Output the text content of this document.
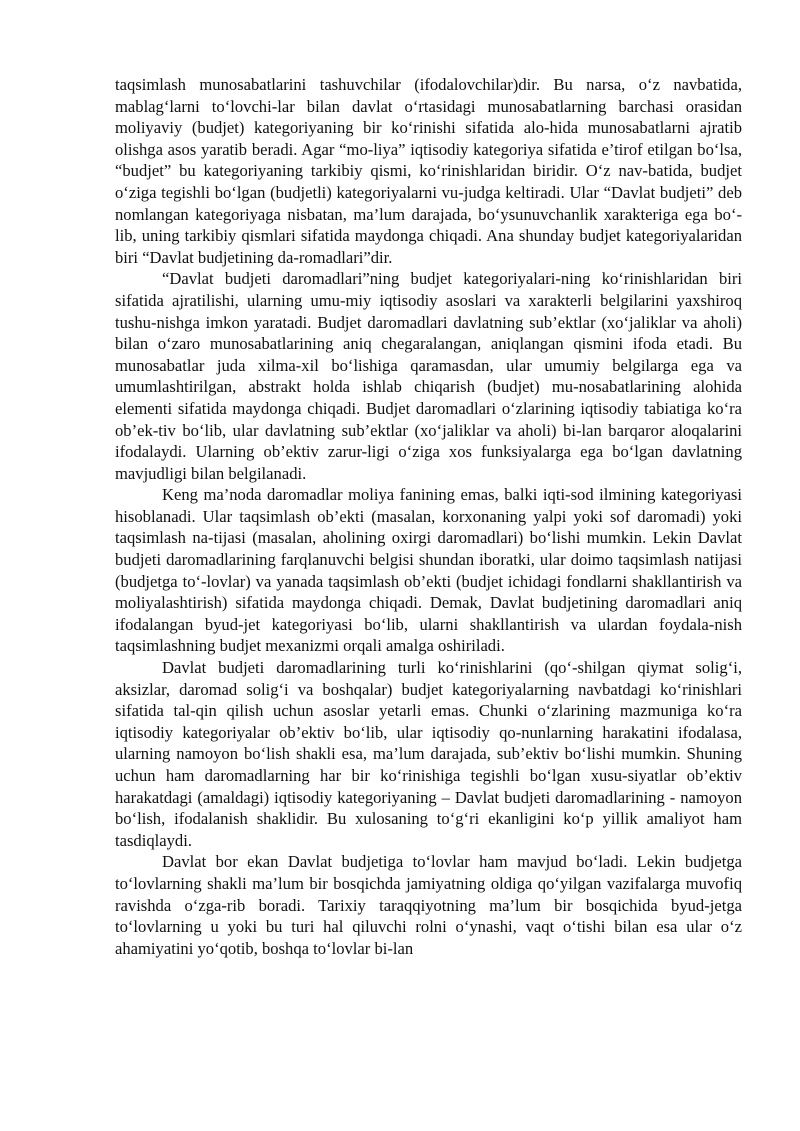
taqsimlash munosabatlarini tashuvchilar (ifodalovchilar)dir. Bu narsa, o‘z navbatida, mablag‘larni to‘lovchi-lar bilan davlat o‘rtasidagi munosabatlarning barchasi orasidan moliyaviy (budjet) kategoriyaning bir ko‘rinishi sifatida alo-hida munosabatlarni ajratib olishga asos yaratib beradi. Agar “mo-liya” iqtisodiy kategoriya sifatida e’tirof etilgan bo‘lsa, “budjet” bu kategoriyaning tarkibiy qismi, ko‘rinishlaridan biridir. O‘z nav-batida, budjet o‘ziga tegishli bo‘lgan (budjetli) kategoriyalarni vu-judga keltiradi. Ular “Davlat budjeti” deb nomlangan kategoriyaga nisbatan, ma’lum darajada, bo‘ysunuvchanlik xarakteriga ega bo‘-lib, uning tarkibiy qismlari sifatida maydonga chiqadi. Ana shunday budjet kategoriyalaridan biri “Davlat budjetining da-romadlari”dir.

“Davlat budjeti daromadlari”ning budjet kategoriyalari-ning ko‘rinishlaridan biri sifatida ajratilishi, ularning umu-miy iqtisodiy asoslari va xarakterli belgilarini yaxshiroq tushu-nishga imkon yaratadi. Budjet daromadlari davlatning sub’ektlar (xo‘jaliklar va aholi) bilan o‘zaro munosabatlarining aniq chegaralangan, aniqlangan qismini ifoda etadi. Bu munosabatlar juda xilma-xil bo‘lishiga qaramasdan, ular umumiy belgilarga ega va umumlashtirilgan, abstrakt holda ishlab chiqarish (budjet) mu-nosabatlarining alohida elementi sifatida maydonga chiqadi. Budjet daromadlari o‘zlarining iqtisodiy tabiatiga ko‘ra ob’ek-tiv bo‘lib, ular davlatning sub’ektlar (xo‘jaliklar va aholi) bi-lan barqaror aloqalarini ifodalaydi. Ularning ob’ektiv zarur-ligi o‘ziga xos funksiyalarga ega bo‘lgan davlatning mavjudligi bilan belgilanadi.

Keng ma’noda daromadlar moliya fanining emas, balki iqti-sod ilmining kategoriyasi hisoblanadi. Ular taqsimlash ob’ekti (masalan, korxonaning yalpi yoki sof daromadi) yoki taqsimlash na-tijasi (masalan, aholining oxirgi daromadlari) bo‘lishi mumkin. Lekin Davlat budjeti daromadlarining farqlanuvchi belgisi shundan iboratki, ular doimo taqsimlash natijasi (budjetga to‘-lovlar) va yanada taqsimlash ob’ekti (budjet ichidagi fondlarni shakllantirish va moliyalashtirish) sifatida maydonga chiqadi. Demak, Davlat budjetining daromadlari aniq ifodalangan byud-jet kategoriyasi bo‘lib, ularni shakllantirish va ulardan foydala-nish taqsimlashning budjet mexanizmi orqali amalga oshiriladi.

Davlat budjeti daromadlarining turli ko‘rinishlarini (qo‘-shilgan qiymat solig‘i, aksizlar, daromad solig‘i va boshqalar) budjet kategoriyalarning navbatdagi ko‘rinishlari sifatida tal-qin qilish uchun asoslar yetarli emas. Chunki o‘zlarining mazmuniga ko‘ra iqtisodiy kategoriyalar ob’ektiv bo‘lib, ular iqtisodiy qo-nunlarning harakatini ifodalasa, ularning namoyon bo‘lish shakli esa, ma’lum darajada, sub’ektiv bo‘lishi mumkin. Shuning uchun ham daromadlarning har bir ko‘rinishiga tegishli bo‘lgan xusu-siyatlar ob’ektiv harakatdagi (amaldagi) iqtisodiy kategoriyaning – Davlat budjeti daromadlarining - namoyon bo‘lish, ifodalanish shaklidir. Bu xulosaning to‘g‘ri ekanligini ko‘p yillik amaliyot ham tasdiqlaydi.

Davlat bor ekan Davlat budjetiga to‘lovlar ham mavjud bo‘ladi. Lekin budjetga to‘lovlarning shakli ma’lum bir bosqichda jamiyatning oldiga qo‘yilgan vazifalarga muvofiq ravishda o‘zga-rib boradi. Tarixiy taraqqiyotning ma’lum bir bosqichida byud-jetga to‘lovlarning u yoki bu turi hal qiluvchi rolni o‘ynashi, vaqt o‘tishi bilan esa ular o‘z ahamiyatini yo‘qotib, boshqa to‘lovlar bi-lan
